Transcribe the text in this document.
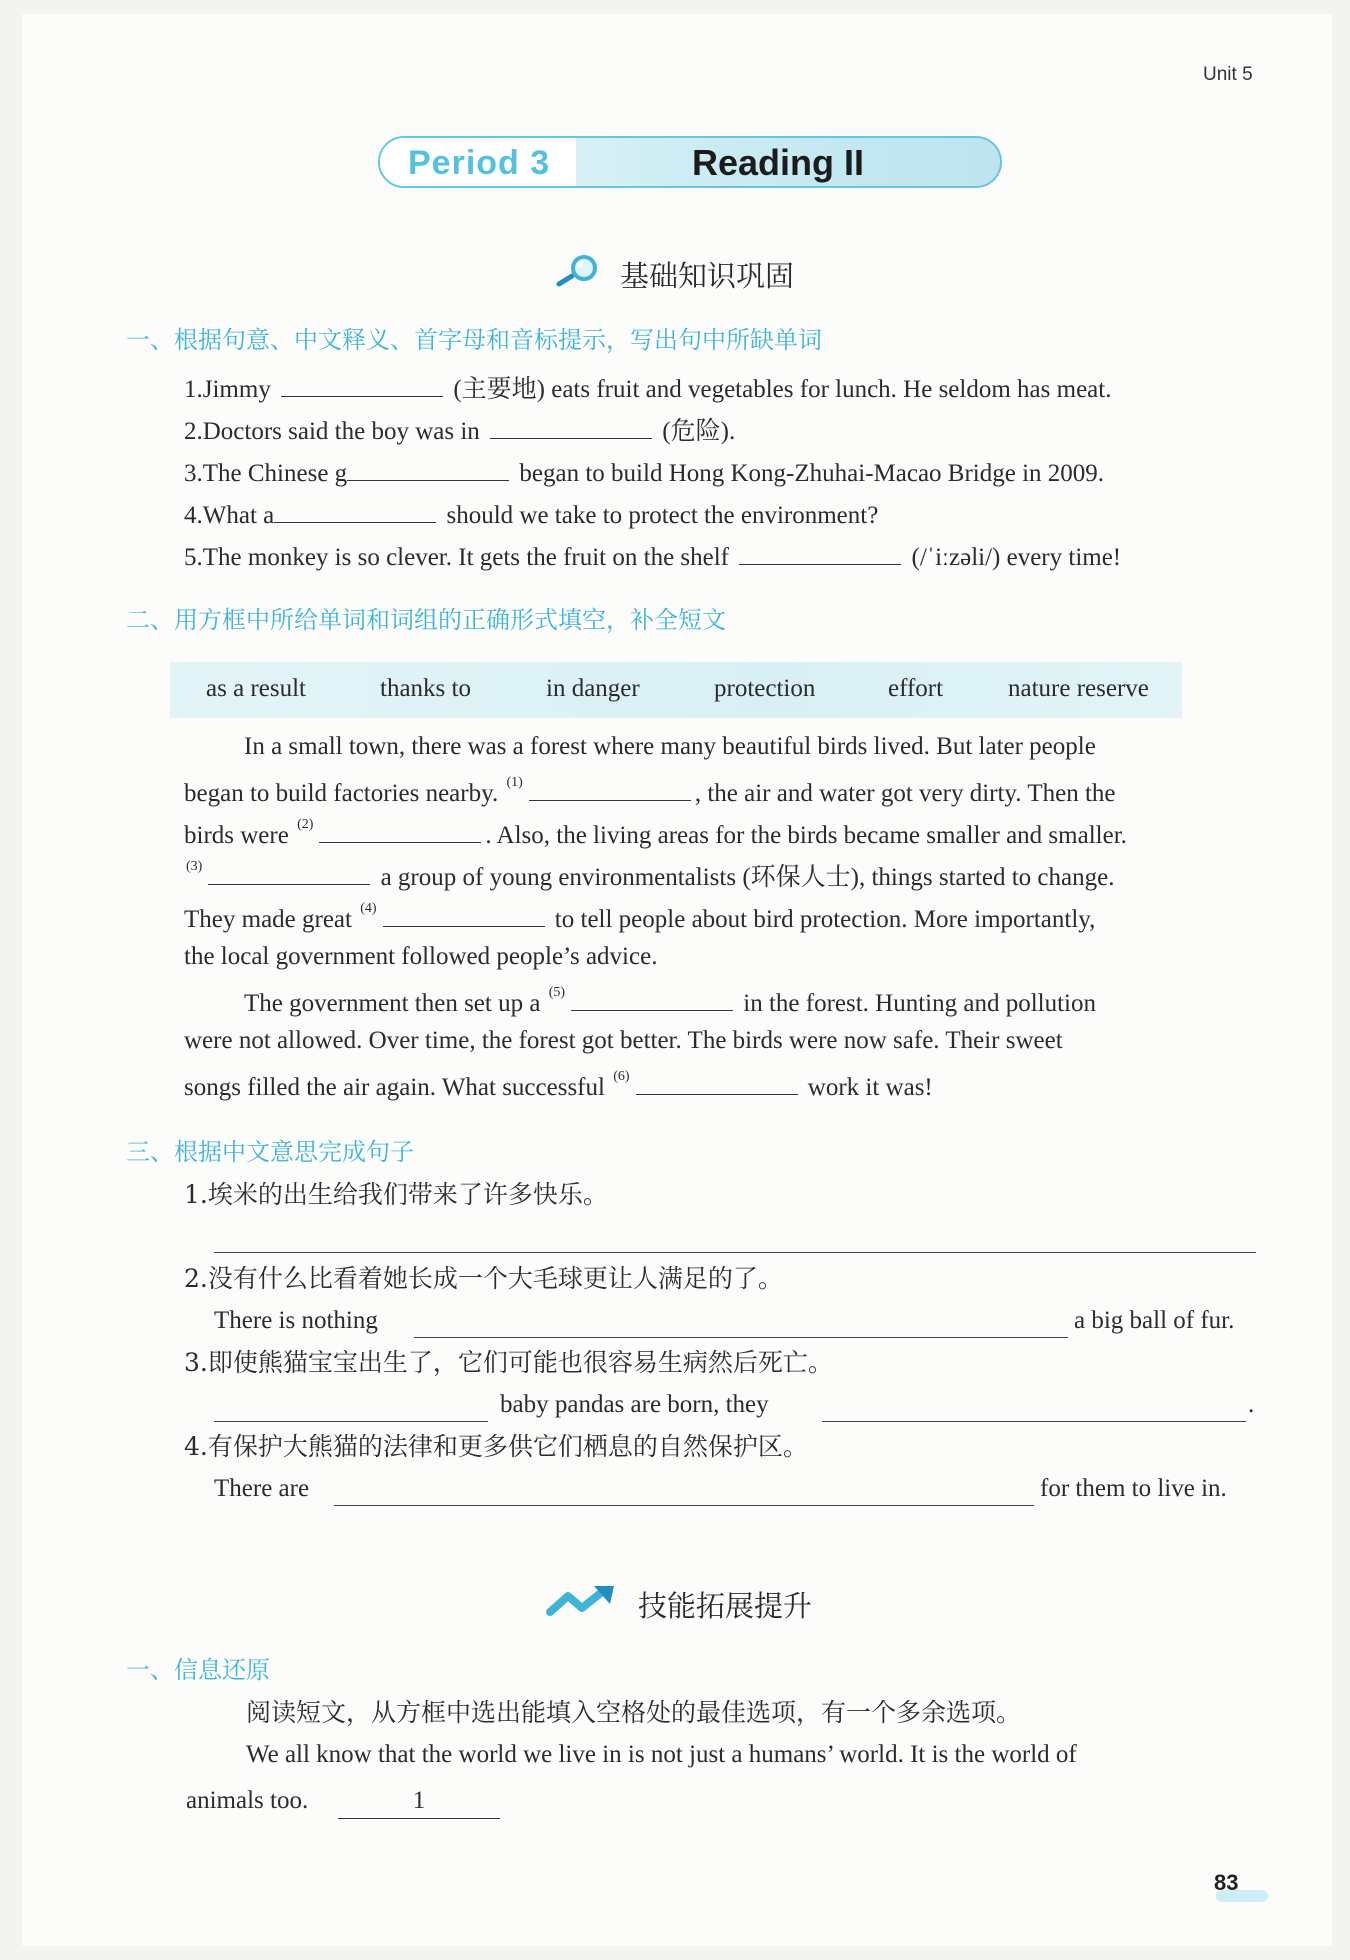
Unit 5
Period 3	Reading II
基础知识巩固
一、根据句意、中文释义、首字母和音标提示，写出句中所缺单词
1.Jimmy	(主要地) eats fruit and vegetables for lunch. He seldom has meat.
2.Doctors said the boy was in	(危险).
3.The Chinese g	began to build Hong Kong-Zhuhai-Macao Bridge in 2009.
4.What a	should we take to protect the environment?
5.The monkey is so clever. It gets the fruit on the shelf	(/ˈiːzəli/) every time!
二、用方框中所给单词和词组的正确形式填空，补全短文
as a result	thanks to	in danger	protection	effort	nature reserve
In a small town, there was a forest where many beautiful birds lived. But later people
began to build factories nearby. $^{(1)}$	, the air and water got very dirty. Then the
birds were $^{(2)}$	. Also, the living areas for the birds became smaller and smaller.
$^{(3)}$	a group of young environmentalists (环保人士), things started to change.
They made great $^{(4)}$	to tell people about bird protection. More importantly,
the local government followed people’s advice.
The government then set up a $^{(5)}$	in the forest. Hunting and pollution
were not allowed. Over time, the forest got better. The birds were now safe. Their sweet
songs filled the air again. What successful $^{(6)}$	work it was!
三、根据中文意思完成句子
1.埃米的出生给我们带来了许多快乐。
2.没有什么比看着她长成一个大毛球更让人满足的了。
There is nothing	a big ball of fur.
3.即使熊猫宝宝出生了，它们可能也很容易生病然后死亡。
baby pandas are born, they	.
4.有保护大熊猫的法律和更多供它们栖息的自然保护区。
There are	for them to live in.
技能拓展提升
一、信息还原
阅读短文，从方框中选出能填入空格处的最佳选项，有一个多余选项。
We all know that the world we live in is not just a humans’ world. It is the world of
animals too.	1
83
